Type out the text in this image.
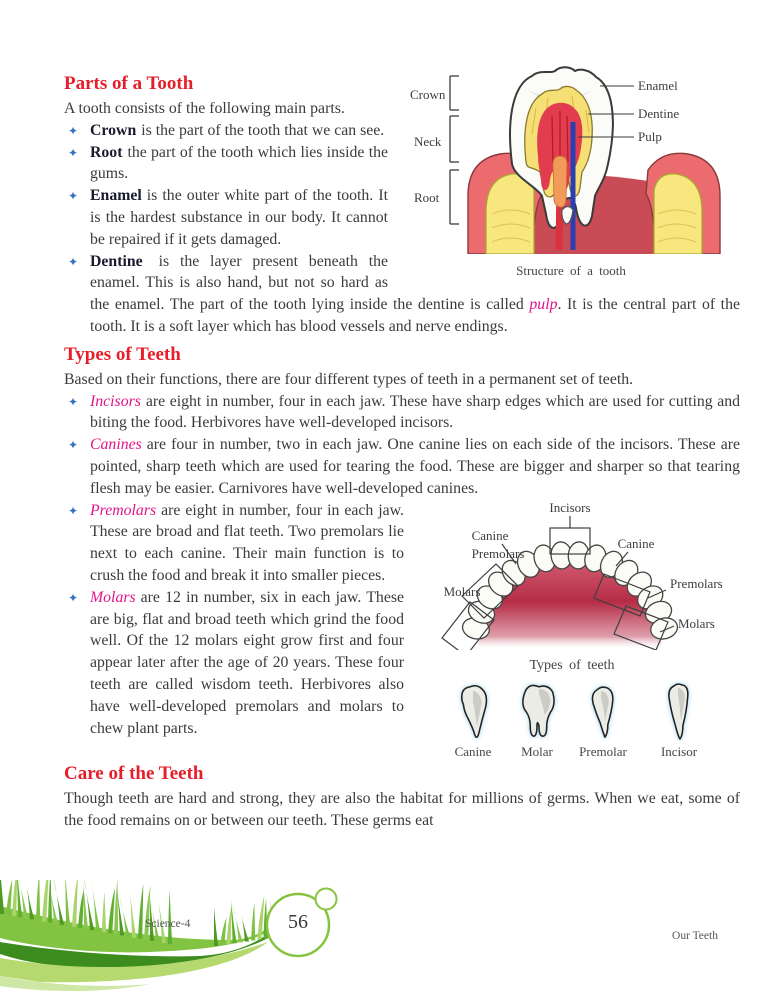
Crown
Neck
Root
Enamel
Dentine
Pulp
Structure of a tooth
Parts of a Tooth

A tooth consists of the following main parts.

✦ Crown is the part of the tooth that we can see.
✦ Root the part of the tooth which lies inside the gums.
✦ Enamel is the outer white part of the tooth. It is the hardest substance in our body. It cannot be repaired if it gets damaged.
✦ Dentine is the layer present beneath the enamel. This is also hand, but not so hard as the enamel. The part of the tooth lying inside the dentine is called pulp. It is the central part of the tooth. It is a soft layer which has blood vessels and nerve endings.
Types of Teeth

Based on their functions, there are four different types of teeth in a permanent set of teeth.

✦ Incisors are eight in number, four in each jaw. These have sharp edges which are used for cutting and biting the food. Herbivores have well-developed incisors.
✦ Canines are four in number, two in each jaw. One canine lies on each side of the incisors. These are pointed, sharp teeth which are used for tearing the food. These are bigger and sharper so that tearing flesh may be easier. Carnivores have well-developed canines.
Incisors
Canine
Canine
Premolars
Molars
Premolars
Molars
Types of teeth
Canine	Molar	Premolar	Incisor
✦ Premolars are eight in number, four in each jaw. These are broad and flat teeth. Two premolars lie next to each canine. Their main function is to crush the food and break it into smaller pieces.
✦ Molars are 12 in number, six in each jaw. These are big, flat and broad teeth which grind the food well. Of the 12 molars eight grow first and four appear later after the age of 20 years. These four teeth are called wisdom teeth. Herbivores also have well-developed premolars and molars to chew plant parts.
Care of the Teeth

Though teeth are hard and strong, they are also the habitat for millions of germs. When we eat, some of the food remains on or between our teeth. These germs eat

Science-4	56
Our Teeth
